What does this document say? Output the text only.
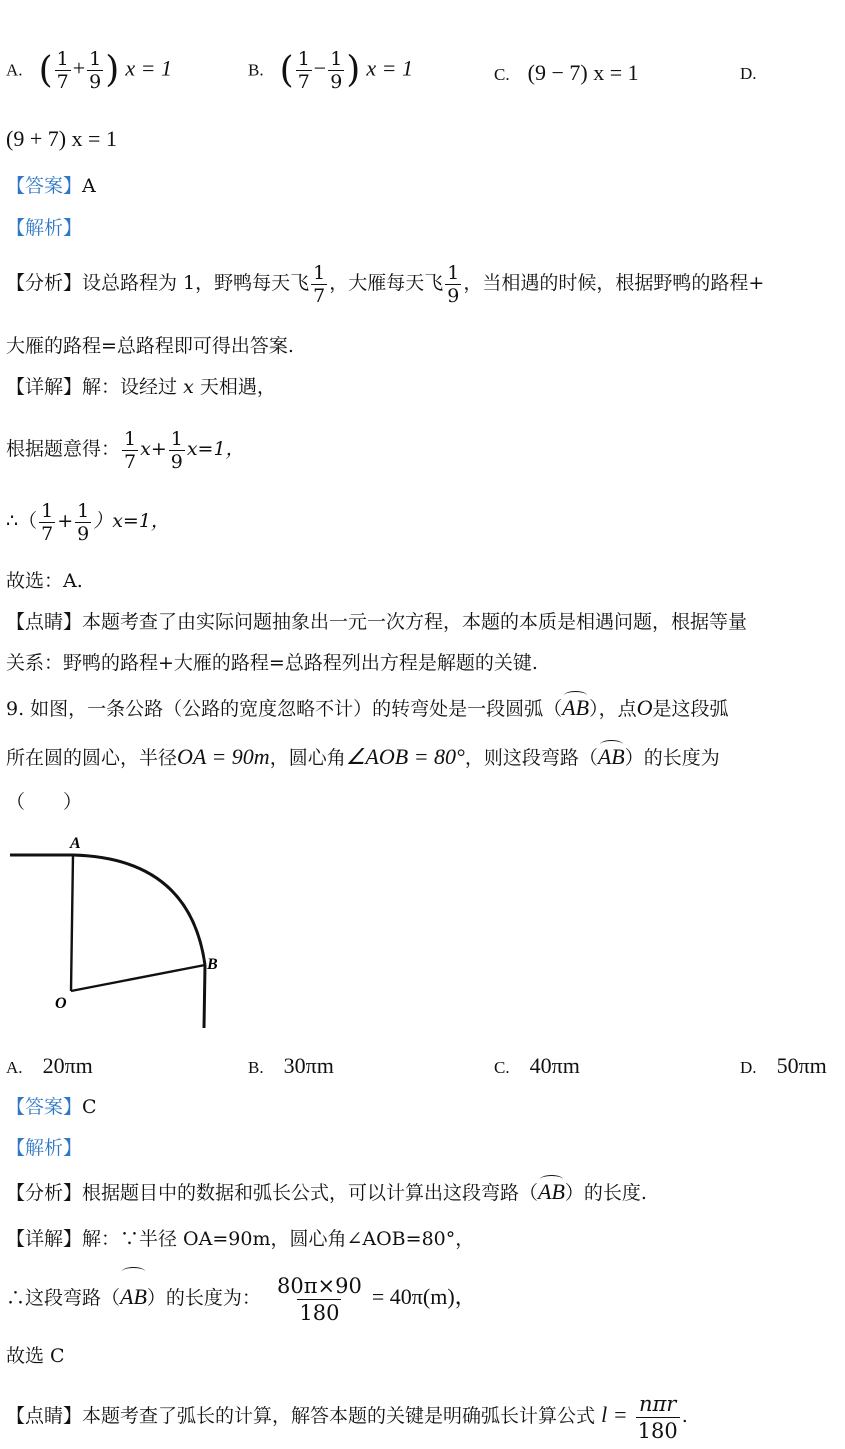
A. ( $\frac{1}{7} + \frac{1}{9}$ ) x = 1	B. ( $\frac{1}{7} - \frac{1}{9}$ ) x = 1	C. (9 − 7) x = 1	D.
(9 + 7) x = 1
【答案】A
【解析】
【分析】设总路程为 1，野鸭每天飞 $\frac{1}{7}$ ，大雁每天飞 $\frac{1}{9}$ ，当相遇的时候，根据野鸭的路程+
大雁的路程=总路程即可得出答案.
【详解】解：设经过 x 天相遇，
根据题意得： $\frac{1}{7} x+ \frac{1}{9} x=1$，
∴（ $\frac{1}{7} + \frac{1}{9} )x=1$，
故选：A.
【点睛】本题考查了由实际问题抽象出一元一次方程，本题的本质是相遇问题，根据等量
关系：野鸭的路程+大雁的路程=总路程列出方程是解题的关键.
9. 如图，一条公路（公路的宽度忽略不计）的转弯处是一段圆弧（AB），点O是这段弧
所在圆的圆心，半径OA = 90m，圆心角∠AOB = 80°，则这段弯路（AB）的长度为
（　　）
A
B
O
A. 20πm	B. 30πm	C. 40πm	D. 50πm
【答案】C
【解析】
【分析】根据题目中的数据和弧长公式，可以计算出这段弯路（AB）的长度.
【详解】解：∵半径 OA=90m，圆心角∠AOB=80°，
∴这段弯路（AB）的长度为： $\frac{80\pi\times 90}{180} = 40\pi(m)$，
故选 C
【点睛】本题考查了弧长的计算，解答本题的关键是明确弧长计算公式 $l = \frac{\text{nπr}}{180}$ .
